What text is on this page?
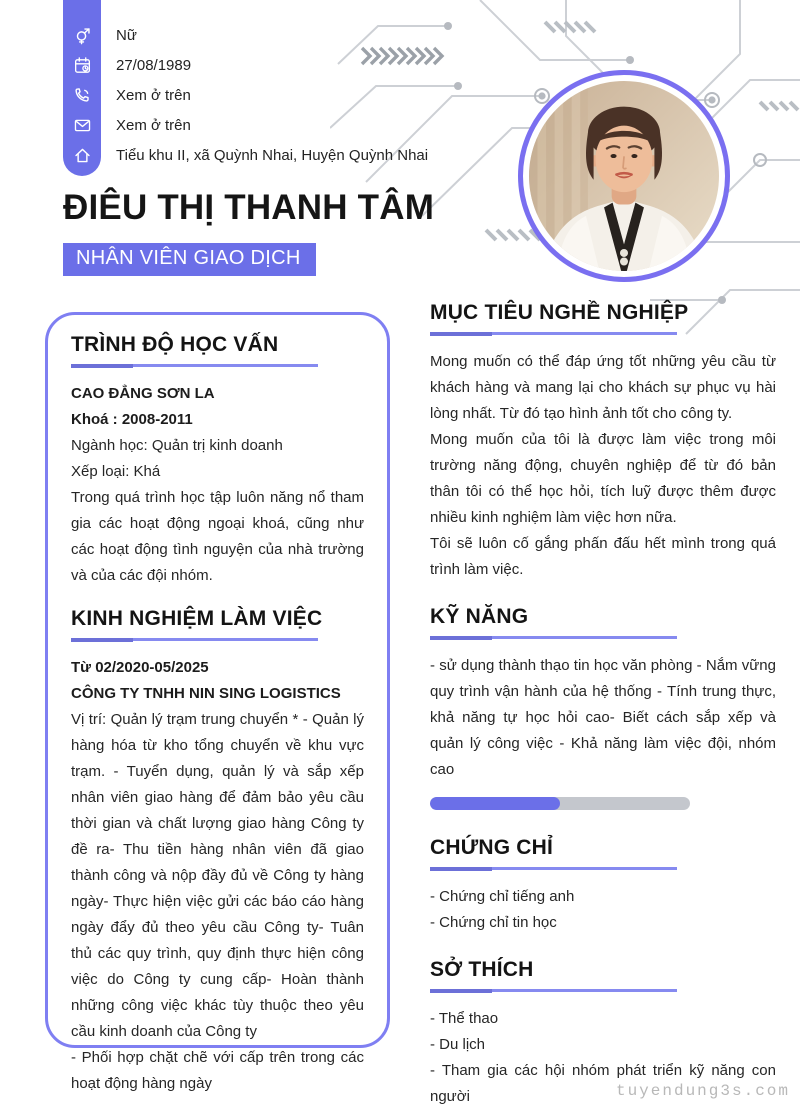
Nữ
27/08/1989
Xem ở trên
Xem ở trên
Tiểu khu II, xã Quỳnh Nhai, Huyện Quỳnh Nhai
ĐIÊU THỊ THANH TÂM
NHÂN VIÊN GIAO DỊCH
TRÌNH ĐỘ HỌC VẤN
CAO ĐẲNG SƠN LA
Khoá : 2008-2011
Ngành học: Quản trị kinh doanh
Xếp loại: Khá

Trong quá trình học tập luôn năng nổ tham gia các hoạt động ngoại khoá, cũng như các hoạt động tình nguyện của nhà trường và của các đội nhóm.

KINH NGHIỆM LÀM VIỆC
Từ 02/2020-05/2025
CÔNG TY TNHH NIN SING LOGISTICS

Vị trí: Quản lý trạm trung chuyển * - Quản lý hàng hóa từ kho tổng chuyển về khu vực trạm. - Tuyển dụng, quản lý và sắp xếp nhân viên giao hàng để đảm bảo yêu cầu thời gian và chất lượng giao hàng Công ty đề ra- Thu tiền hàng nhân viên đã giao thành công và nộp đầy đủ về Công ty hàng ngày- Thực hiện việc gửi các báo cáo hàng ngày đẩy đủ theo yêu cầu Công ty- Tuân thủ các quy trình, quy định thực hiện công việc do Công ty cung cấp- Hoàn thành những công việc khác tùy thuộc theo yêu cầu kinh doanh của Công ty

- Phối hợp chặt chẽ với cấp trên trong các hoạt động hàng ngày

MỤC TIÊU NGHỀ NGHIỆP

Mong muốn có thể đáp ứng tốt những yêu cầu từ khách hàng và mang lại cho khách sự phục vụ hài lòng nhất. Từ đó tạo hình ảnh tốt cho công ty.

Mong muốn của tôi là được làm việc trong môi trường năng động, chuyên nghiệp để từ đó bản thân tôi có thể học hỏi, tích luỹ được thêm được nhiều kinh nghiệm làm việc hơn nữa.

Tôi sẽ luôn cố gắng phấn đấu hết mình trong quá trình làm việc.

KỸ NĂNG

- sử dụng thành thạo tin học văn phòng - Nắm vững quy trình vận hành của hệ thống - Tính trung thực, khả năng tự học hỏi cao- Biết cách sắp xếp và quản lý công việc - Khả năng làm việc đội, nhóm cao

CHỨNG CHỈ
- Chứng chỉ tiếng anh
- Chứng chỉ tin học
SỞ THÍCH
- Thể thao
- Du lịch

- Tham gia các hội nhóm phát triển kỹ năng con người	tuyendung3s.com
